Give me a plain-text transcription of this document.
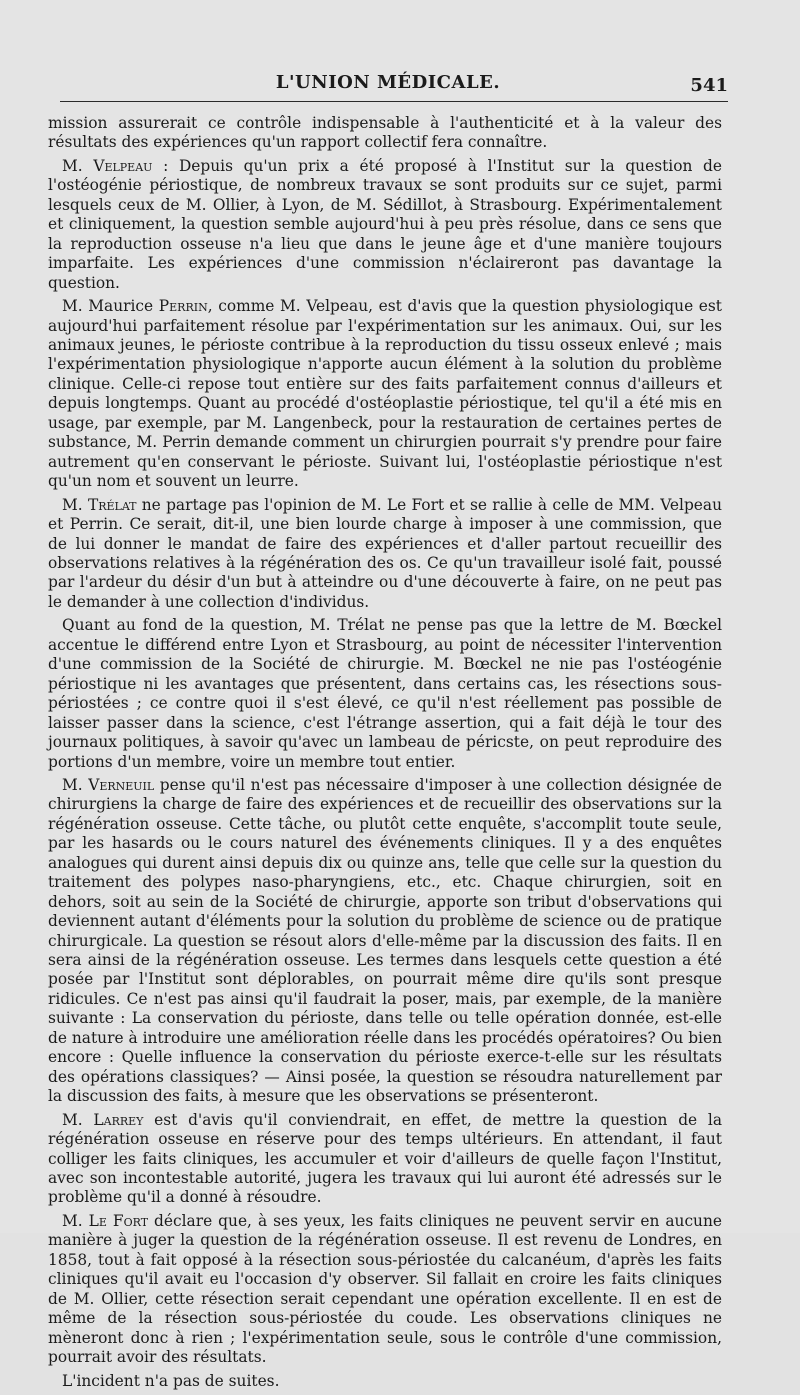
L'UNION MÉDICALE.	541

mission assurerait ce contrôle indispensable à l'authenticité et à la valeur des résultats des expériences qu'un rapport collectif fera connaître.

M. Velpeau : Depuis qu'un prix a été proposé à l'Institut sur la question de l'ostéogénie périostique, de nombreux travaux se sont produits sur ce sujet, parmi lesquels ceux de M. Ollier, à Lyon, de M. Sédillot, à Strasbourg. Expérimentalement et cliniquement, la question semble aujourd'hui à peu près résolue, dans ce sens que la reproduction osseuse n'a lieu que dans le jeune âge et d'une manière toujours imparfaite. Les expériences d'une commission n'éclaireront pas davantage la question.

M. Maurice Perrin, comme M. Velpeau, est d'avis que la question physiologique est aujourd'hui parfaitement résolue par l'expérimentation sur les animaux. Oui, sur les animaux jeunes, le périoste contribue à la reproduction du tissu osseux enlevé ; mais l'expérimentation physiologique n'apporte aucun élément à la solution du problème clinique. Celle-ci repose tout entière sur des faits parfaitement connus d'ailleurs et depuis longtemps. Quant au procédé d'ostéoplastie périostique, tel qu'il a été mis en usage, par exemple, par M. Langenbeck, pour la restauration de certaines pertes de substance, M. Perrin demande comment un chirurgien pourrait s'y prendre pour faire autrement qu'en conservant le périoste. Suivant lui, l'ostéoplastie périostique n'est qu'un nom et souvent un leurre.

M. Trélat ne partage pas l'opinion de M. Le Fort et se rallie à celle de MM. Velpeau et Perrin. Ce serait, dit-il, une bien lourde charge à imposer à une commission, que de lui donner le mandat de faire des expériences et d'aller partout recueillir des observations relatives à la régénération des os. Ce qu'un travailleur isolé fait, poussé par l'ardeur du désir d'un but à atteindre ou d'une découverte à faire, on ne peut pas le demander à une collection d'individus.

Quant au fond de la question, M. Trélat ne pense pas que la lettre de M. Bœckel accentue le différend entre Lyon et Strasbourg, au point de nécessiter l'intervention d'une commission de la Société de chirurgie. M. Bœckel ne nie pas l'ostéogénie périostique ni les avantages que présentent, dans certains cas, les résections sous-périostées ; ce contre quoi il s'est élevé, ce qu'il n'est réellement pas possible de laisser passer dans la science, c'est l'étrange assertion, qui a fait déjà le tour des journaux politiques, à savoir qu'avec un lambeau de péricste, on peut reproduire des portions d'un membre, voire un membre tout entier.

M. Verneuil pense qu'il n'est pas nécessaire d'imposer à une collection désignée de chirurgiens la charge de faire des expériences et de recueillir des observations sur la régénération osseuse. Cette tâche, ou plutôt cette enquête, s'accomplit toute seule, par les hasards ou le cours naturel des événements cliniques. Il y a des enquêtes analogues qui durent ainsi depuis dix ou quinze ans, telle que celle sur la question du traitement des polypes naso-pharyngiens, etc., etc. Chaque chirurgien, soit en dehors, soit au sein de la Société de chirurgie, apporte son tribut d'observations qui deviennent autant d'éléments pour la solution du problème de science ou de pratique chirurgicale. La question se résout alors d'elle-même par la discussion des faits. Il en sera ainsi de la régénération osseuse. Les termes dans lesquels cette question a été posée par l'Institut sont déplorables, on pourrait même dire qu'ils sont presque ridicules. Ce n'est pas ainsi qu'il faudrait la poser, mais, par exemple, de la manière suivante : La conservation du périoste, dans telle ou telle opération donnée, est-elle de nature à introduire une amélioration réelle dans les procédés opératoires? Ou bien encore : Quelle influence la conservation du périoste exerce-t-elle sur les résultats des opérations classiques? — Ainsi posée, la question se résoudra naturellement par la discussion des faits, à mesure que les observations se présenteront.

M. Larrey est d'avis qu'il conviendrait, en effet, de mettre la question de la régénération osseuse en réserve pour des temps ultérieurs. En attendant, il faut colliger les faits cliniques, les accumuler et voir d'ailleurs de quelle façon l'Institut, avec son incontestable autorité, jugera les travaux qui lui auront été adressés sur le problème qu'il a donné à résoudre.

M. Le Fort déclare que, à ses yeux, les faits cliniques ne peuvent servir en aucune manière à juger la question de la régénération osseuse. Il est revenu de Londres, en 1858, tout à fait opposé à la résection sous-périostée du calcanéum, d'après les faits cliniques qu'il avait eu l'occasion d'y observer. Sil fallait en croire les faits cliniques de M. Ollier, cette résection serait cependant une opération excellente. Il en est de même de la résection sous-périostée du coude. Les observations cliniques ne mèneront donc à rien ; l'expérimentation seule, sous le contrôle d'une commission, pourrait avoir des résultats.

L'incident n'a pas de suites.
